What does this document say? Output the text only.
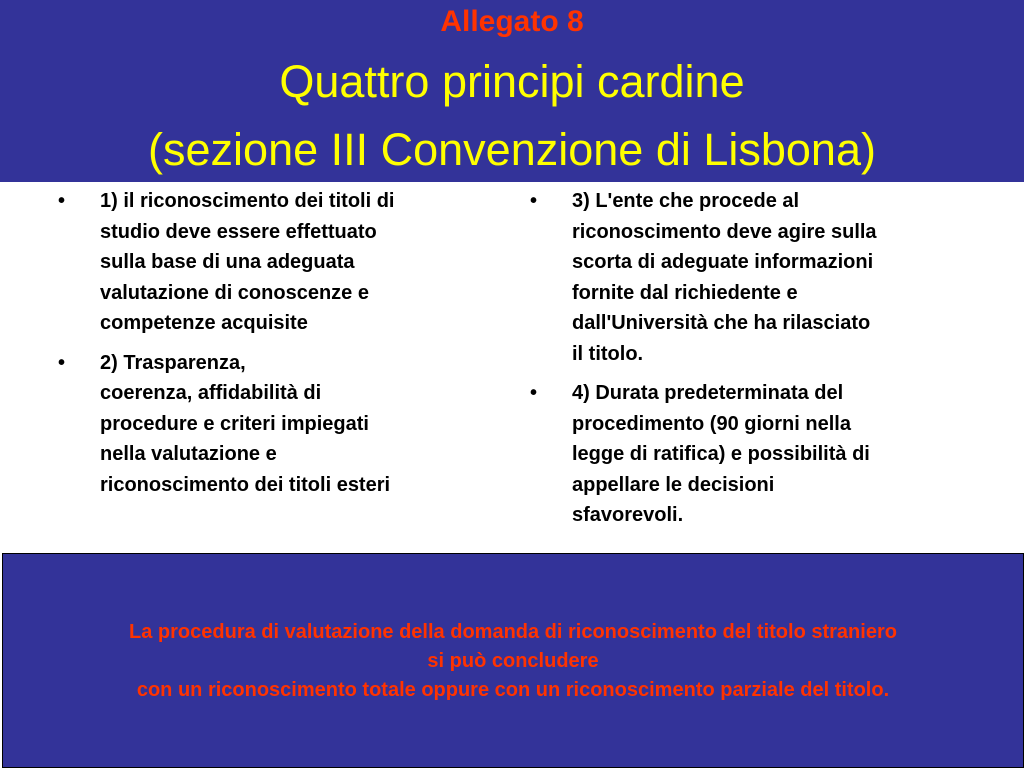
Allegato 8
Quattro principi cardine
(sezione III Convenzione di Lisbona)
•	1) il riconoscimento dei titoli di
studio deve essere effettuato
sulla base di una adeguata
valutazione di conoscenze e
competenze acquisite
•	2) Trasparenza,
coerenza, affidabilità di
procedure e criteri impiegati
nella valutazione e
riconoscimento dei titoli esteri
•	3) L'ente che procede al
riconoscimento deve agire sulla
scorta di adeguate informazioni
fornite dal richiedente e
dall'Università che ha rilasciato
il titolo.
•	4) Durata predeterminata del
procedimento (90 giorni nella
legge di ratifica) e possibilità di
appellare le decisioni
sfavorevoli.
La procedura di valutazione della domanda di riconoscimento del titolo straniero
si può concludere
con un riconoscimento totale oppure con un riconoscimento parziale del titolo.
